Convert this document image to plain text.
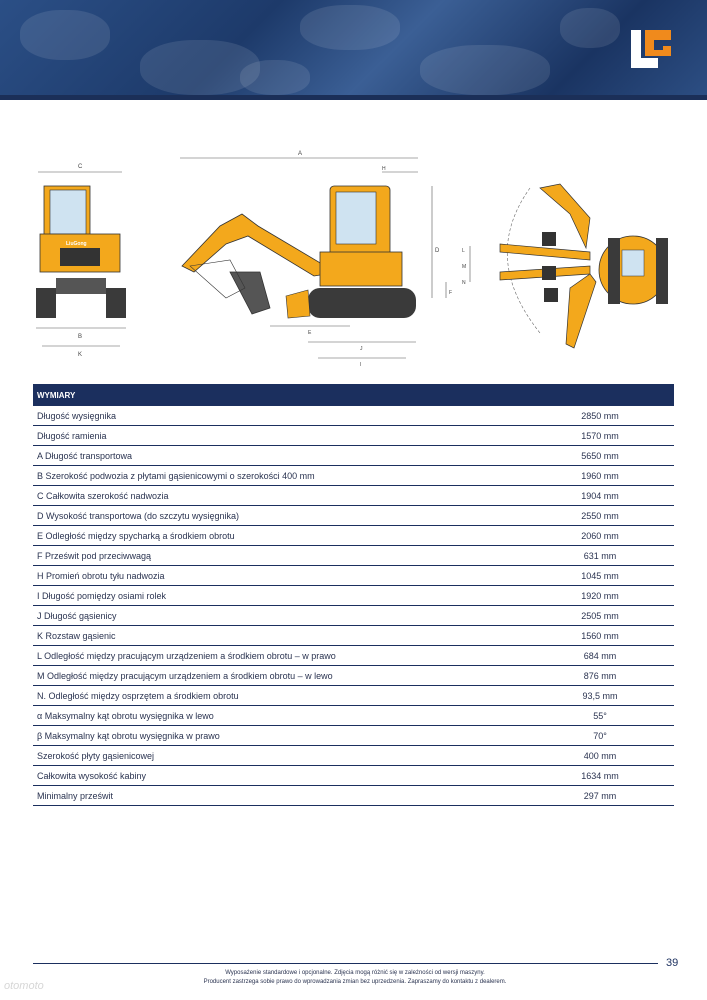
C
LiuGong
B
K
A
H
D
F
E
J
I
L
M
N
WYMIARY	
Długość wysięgnika	2850 mm
Długość ramienia	1570 mm
A Długość transportowa	5650 mm
B Szerokość podwozia z płytami gąsienicowymi o szerokości 400 mm	1960 mm
C Całkowita szerokość nadwozia	1904 mm
D Wysokość transportowa (do szczytu wysięgnika)	2550 mm
E Odległość między spycharką a środkiem obrotu	2060 mm
F Prześwit pod przeciwwagą	631 mm
H Promień obrotu tyłu nadwozia	1045 mm
I Długość pomiędzy osiami rolek	1920 mm
J Długość gąsienicy	2505 mm
K Rozstaw gąsienic	1560 mm
L Odległość między pracującym urządzeniem a środkiem obrotu – w prawo	684 mm
M Odległość między pracującym urządzeniem a środkiem obrotu – w lewo	876 mm
N. Odległość między osprzętem a środkiem obrotu	93,5 mm
α Maksymalny kąt obrotu wysięgnika w lewo	55°
β Maksymalny kąt obrotu wysięgnika w prawo	70°
Szerokość płyty gąsienicowej	400 mm
Całkowita wysokość kabiny	1634 mm
Minimalny prześwit	297 mm
39
Wyposażenie standardowe i opcjonalne. Zdjęcia mogą różnić się w zależności od wersji maszyny.
Producent zastrzega sobie prawo do wprowadzania zmian bez uprzedzenia. Zapraszamy do kontaktu z dealerem.
otomoto
